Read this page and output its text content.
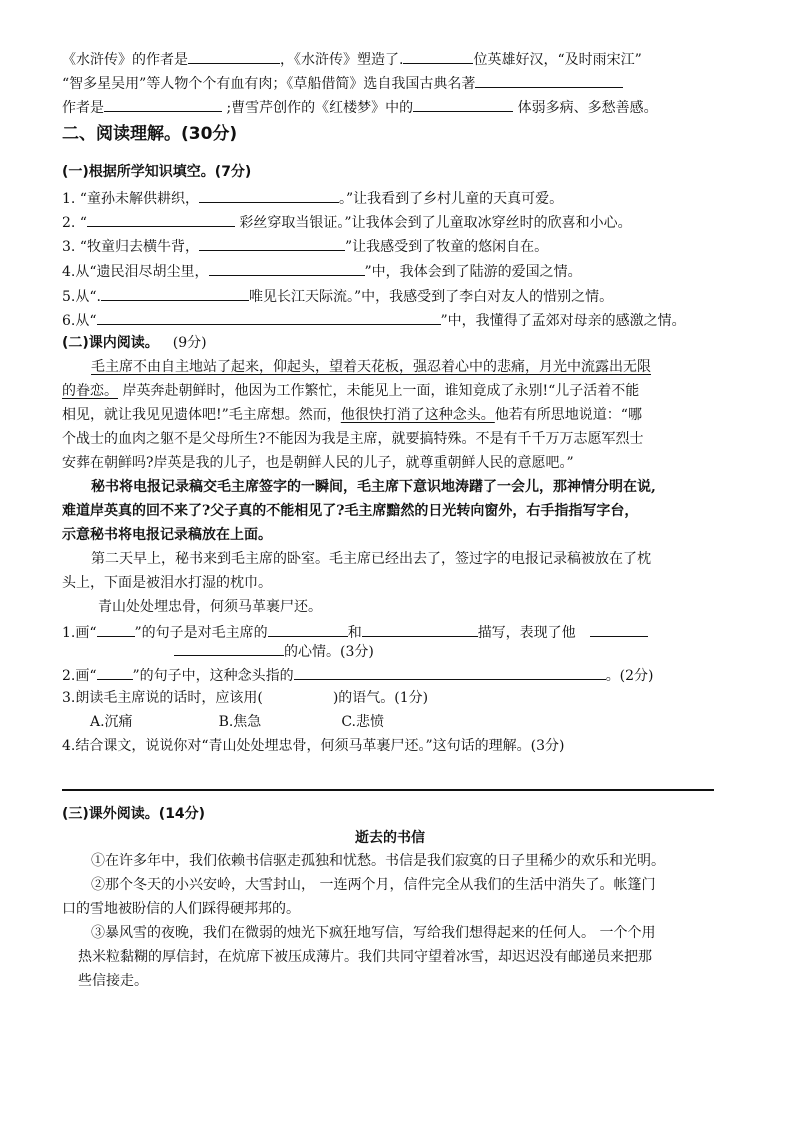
《水浒传》的作者是	，《水浒传》塑造了.	位英雄好汉，“及时雨宋江”
“智多星吴用”等人物个个有血有肉；《草船借简》选自我国古典名著
作者是	;曹雪芹创作的《红楼梦》中的	体弱多病、多愁善感。
二、阅读理解。(30分)
(一)根据所学知识填空。(7分)
1. “童孙未解供耕织，	。”让我看到了乡村儿童的天真可爱。
2. “	彩丝穿取当银证。”让我体会到了儿童取冰穿丝时的欣喜和小心。
3. “牧童归去横牛背，	”让我感受到了牧童的悠闲自在。
4.从“遗民泪尽胡尘里，	”中，我体会到了陆游的爱国之情。
5.从“.	唯见长江天际流。”中，我感受到了李白对友人的惜别之情。
6.从“	”中，我懂得了孟郊对母亲的感激之情。
(二)课内阅读。 (9分)
毛主席不由自主地站了起来，仰起头，望着天花板，强忍着心中的悲痛，月光中流露出无限
的眷恋。 岸英奔赴朝鲜时，他因为工作繁忙，未能见上一面，谁知竟成了永别!“儿子活着不能
相见，就让我见见遗体吧!”毛主席想。然而，他很快打消了这种念头。他若有所思地说道：“哪
个战士的血肉之躯不是父母所生?不能因为我是主席，就要搞特殊。不是有千千万万志愿军烈士
安葬在朝鲜吗?岸英是我的儿子，也是朝鲜人民的儿子，就尊重朝鲜人民的意愿吧。”
秘书将电报记录稿交毛主席签字的一瞬间，毛主席下意识地涛躇了一会儿，那神情分明在说,
难道岸英真的回不来了?父子真的不能相见了?毛主席黯然的日光转向窗外，右手指指写字台，
示意秘书将电报记录稿放在上面。
第二天早上，秘书来到毛主席的卧室。毛主席已经出去了，签过字的电报记录稿被放在了枕
头上，下面是被泪水打湿的枕巾。
青山处处埋忠骨，何须马革裹尸还。
1.画“	”的句子是对毛主席的	和	描写，表现了他
的心情。(3分)
2.画“	”的句子中，这种念头指的	。(2分)
3.朗读毛主席说的话时，应该用(	)的语气。(1分)
A.沉痛	B.焦急	C.悲愤
4.结合课文，说说你对“青山处处埋忠骨，何须马革裹尸还。”这句话的理解。(3分)
(三)课外阅读。(14分)
逝去的书信
①在许多年中，我们依赖书信驱走孤独和忧愁。书信是我们寂寞的日子里稀少的欢乐和光明。
②那个冬天的小兴安岭，大雪封山， 一连两个月，信件完全从我们的生活中消失了。帐篷门
口的雪地被盼信的人们踩得硬邦邦的。
③暴风雪的夜晚，我们在微弱的烛光下疯狂地写信，写给我们想得起来的任何人。 一个个用
热米粒黏糊的厚信封，在炕席下被压成薄片。我们共同守望着冰雪，却迟迟没有邮递员来把那
些信接走。
